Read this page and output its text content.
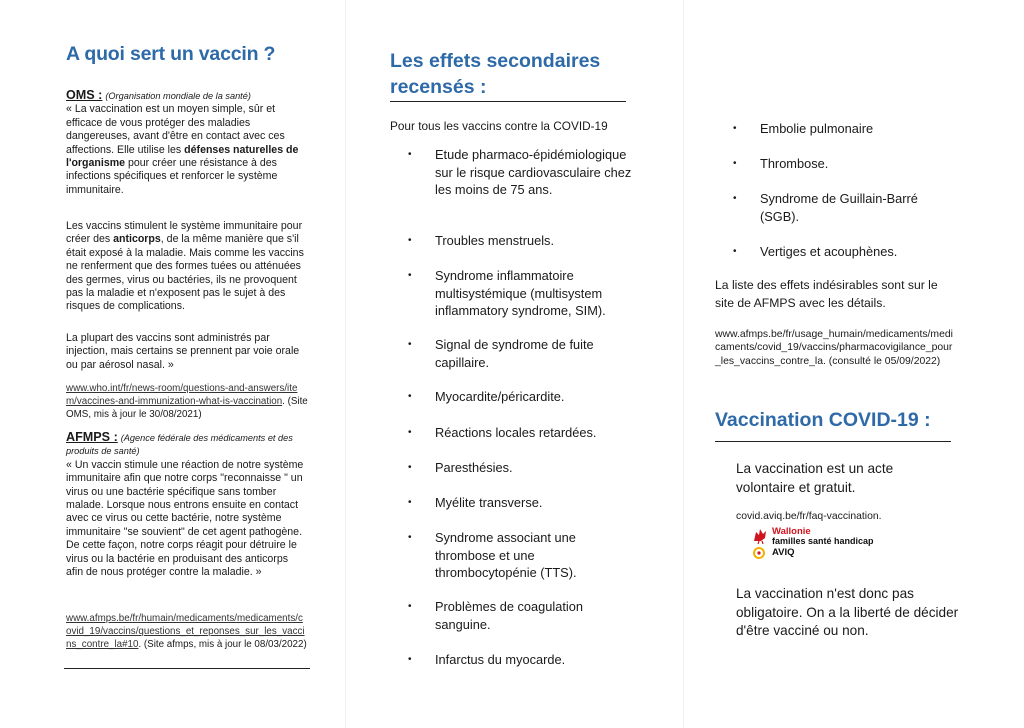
A quoi sert un vaccin ?
OMS : (Organisation mondiale de la santé)
« La vaccination est un moyen simple, sûr et efficace de vous protéger des maladies dangereuses, avant d'être en contact avec ces affections. Elle utilise les défenses naturelles de l'organisme pour créer une résistance à des infections spécifiques et renforcer le système immunitaire.
Les vaccins stimulent le système immunitaire pour créer des anticorps, de la même manière que s'il était exposé à la maladie. Mais comme les vaccins ne renferment que des formes tuées ou atténuées des germes, virus ou bactéries, ils ne provoquent pas la maladie et n'exposent pas le sujet à des risques de complications.
La plupart des vaccins sont administrés par injection, mais certains se prennent par voie orale ou par aérosol nasal. »
www.who.int/fr/news-room/questions-and-answers/item/vaccines-and-immunization-what-is-vaccination. (Site OMS, mis à jour le 30/08/2021)
AFMPS : (Agence fédérale des médicaments et des produits de santé)
« Un vaccin stimule une réaction de notre système immunitaire afin que notre corps "reconnaisse " un virus ou une bactérie spécifique sans tomber malade. Lorsque nous entrons ensuite en contact avec ce virus ou cette bactérie, notre système immunitaire "se souvient" de cet agent pathogène. De cette façon, notre corps réagit pour détruire le virus ou la bactérie en produisant des anticorps afin de nous protéger contre la maladie. »
www.afmps.be/fr/humain/medicaments/medicaments/covid_19/vaccins/questions_et_reponses_sur_les_vaccins_contre_la#10. (Site afmps, mis à jour le 08/03/2022)
Les effets secondaires recensés :
Pour tous les vaccins contre la COVID-19
• Etude pharmaco-épidémiologique sur le risque cardiovasculaire chez les moins de 75 ans.
• Troubles menstruels.
• Syndrome inflammatoire multisystémique (multisystem inflammatory syndrome, SIM).
• Signal de syndrome de fuite capillaire.
• Myocardite/péricardite.
• Réactions locales retardées.
• Paresthésies.
• Myélite transverse.
• Syndrome associant une thrombose et une thrombocytopénie (TTS).
• Problèmes de coagulation sanguine.
• Infarctus du myocarde.
• Embolie pulmonaire
• Thrombose.
• Syndrome de Guillain-Barré (SGB).
• Vertiges et acouphènes.
La liste des effets indésirables sont sur le site de AFMPS avec les détails.
www.afmps.be/fr/usage_humain/medicaments/medicaments/covid_19/vaccins/pharmacovigilance_pour_les_vaccins_contre_la. (consulté le 05/09/2022)
Vaccination COVID-19 :
La vaccination est un acte volontaire et gratuit.
covid.aviq.be/fr/faq-vaccination.
Wallonie
familles santé handicap
AVIQ
La vaccination n'est donc pas obligatoire. On a la liberté de décider d'être vacciné ou non.
